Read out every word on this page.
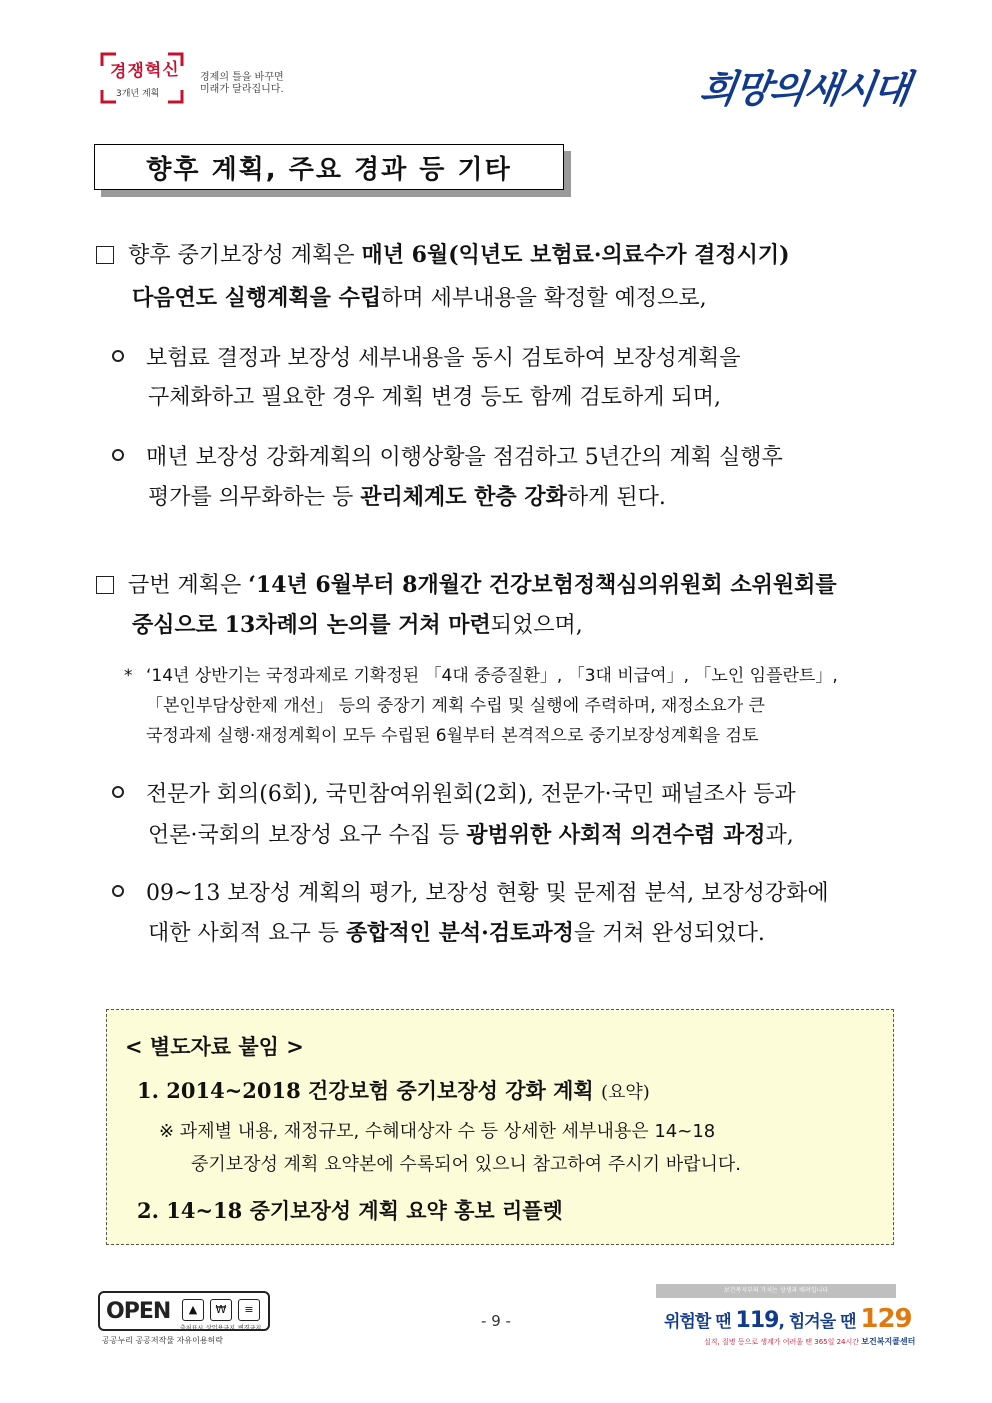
경쟁혁신
3개년 계획
경제의 틀을 바꾸면
미래가 달라집니다.	희망의새시대
향후 계획, 주요 경과 등 기타
향후 중기보장성 계획은 매년 6월(익년도 보험료·의료수가 결정시기)
다음연도 실행계획을 수립하며 세부내용을 확정할 예정으로,
보험료 결정과 보장성 세부내용을 동시 검토하여 보장성계획을
구체화하고 필요한 경우 계획 변경 등도 함께 검토하게 되며,
매년 보장성 강화계획의 이행상황을 점검하고 5년간의 계획 실행후
평가를 의무화하는 등 관리체계도 한층 강화하게 된다.
금번 계획은 ‘14년 6월부터 8개월간 건강보험정책심의위원회 소위원회를
중심으로 13차례의 논의를 거쳐 마련되었으며,
* ‘14년 상반기는 국정과제로 기확정된 「4대 중증질환」, 「3대 비급여」, 「노인 임플란트」,
「본인부담상한제 개선」 등의 중장기 계획 수립 및 실행에 주력하며, 재정소요가 큰
국정과제 실행·재정계획이 모두 수립된 6월부터 본격적으로 중기보장성계획을 검토
전문가 회의(6회), 국민참여위원회(2회), 전문가·국민 패널조사 등과
언론·국회의 보장성 요구 수집 등 광범위한 사회적 의견수렴 과정과,
09~13 보장성 계획의 평가, 보장성 현황 및 문제점 분석, 보장성강화에
대한 사회적 요구 등 종합적인 분석·검토과정을 거쳐 완성되었다.
< 별도자료 붙임 >
1. 2014~2018 건강보험 중기보장성 강화 계획 (요약)
※ 과제별 내용, 재정규모, 수혜대상자 수 등 상세한 세부내용은 14~18
중기보장성 계획 요약본에 수록되어 있으니 참고하여 주시기 바랍니다.
2. 14~18 중기보장성 계획 요약 홍보 리플렛
OPEN	▲	₩	≡
출처표시 상업용금지 변경금지
공공누리 공공저작물 자유이용허락
- 9 -
보건복지부의 가치는 상생과 배려입니다
위험할 땐 119, 힘겨울 땐 129
실직, 질병 등으로 생계가 어려울 땐 365일 24시간 보건복지콜센터
